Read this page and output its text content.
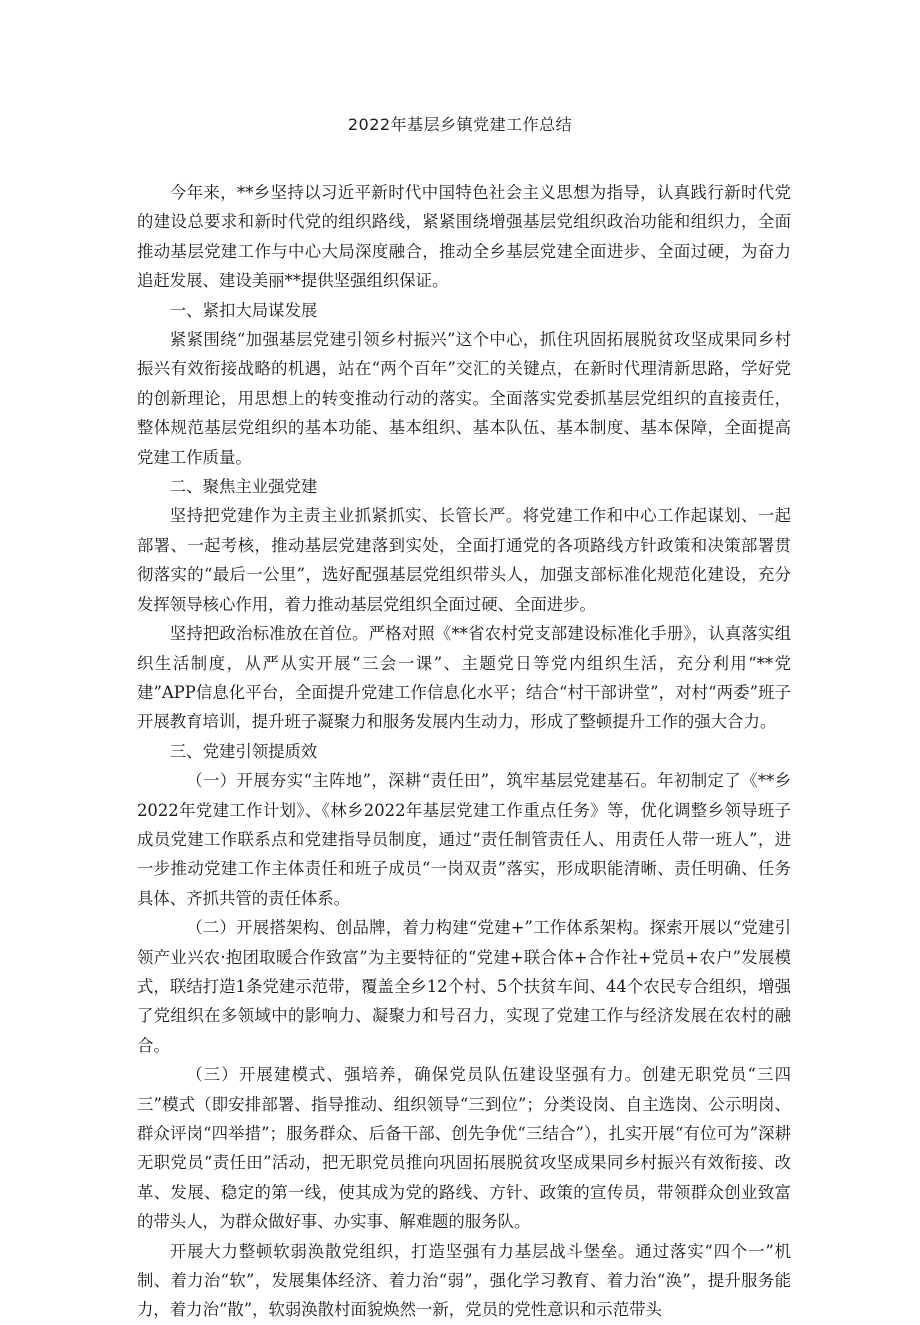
2022年基层乡镇党建工作总结

今年来，**乡坚持以习近平新时代中国特色社会主义思想为指导，认真践行新时代党的建设总要求和新时代党的组织路线，紧紧围绕增强基层党组织政治功能和组织力，全面推动基层党建工作与中心大局深度融合，推动全乡基层党建全面进步、全面过硬，为奋力追赶发展、建设美丽**提供坚强组织保证。

一、紧扣大局谋发展

紧紧围绕“加强基层党建引领乡村振兴”这个中心，抓住巩固拓展脱贫攻坚成果同乡村振兴有效衔接战略的机遇，站在“两个百年”交汇的关键点，在新时代理清新思路，学好党的创新理论，用思想上的转变推动行动的落实。全面落实党委抓基层党组织的直接责任，整体规范基层党组织的基本功能、基本组织、基本队伍、基本制度、基本保障，全面提高党建工作质量。

二、聚焦主业强党建

坚持把党建作为主责主业抓紧抓实、长管长严。将党建工作和中心工作起谋划、一起部署、一起考核，推动基层党建落到实处，全面打通党的各项路线方针政策和决策部署贯彻落实的“最后一公里”，选好配强基层党组织带头人，加强支部标准化规范化建设，充分发挥领导核心作用，着力推动基层党组织全面过硬、全面进步。

坚持把政治标准放在首位。严格对照《**省农村党支部建设标准化手册》，认真落实组织生活制度，从严从实开展“三会一课”、主题党日等党内组织生活，充分利用“**党建”APP信息化平台，全面提升党建工作信息化水平；结合“村干部讲堂”，对村“两委”班子开展教育培训，提升班子凝聚力和服务发展内生动力，形成了整顿提升工作的强大合力。

三、党建引领提质效

（一）开展夯实“主阵地”，深耕“责任田”，筑牢基层党建基石。年初制定了《**乡2022年党建工作计划》、《林乡2022年基层党建工作重点任务》等，优化调整乡领导班子成员党建工作联系点和党建指导员制度，通过“责任制管责任人、用责任人带一班人”，进一步推动党建工作主体责任和班子成员“一岗双责”落实，形成职能清晰、责任明确、任务具体、齐抓共管的责任体系。

（二）开展搭架构、创品牌，着力构建“党建+”工作体系架构。探索开展以“党建引领产业兴农·抱团取暖合作致富”为主要特征的“党建+联合体+合作社+党员+农户”发展模式，联结打造1条党建示范带，覆盖全乡12个村、5个扶贫车间、44个农民专合组织，增强了党组织在多领域中的影响力、凝聚力和号召力，实现了党建工作与经济发展在农村的融合。

（三）开展建模式、强培养，确保党员队伍建设坚强有力。创建无职党员“三四三”模式（即安排部署、指导推动、组织领导“三到位”；分类设岗、自主选岗、公示明岗、群众评岗“四举措”；服务群众、后备干部、创先争优“三结合”），扎实开展“有位可为”深耕无职党员“责任田”活动，把无职党员推向巩固拓展脱贫攻坚成果同乡村振兴有效衔接、改革、发展、稳定的第一线，使其成为党的路线、方针、政策的宣传员，带领群众创业致富的带头人，为群众做好事、办实事、解难题的服务队。

开展大力整顿软弱涣散党组织，打造坚强有力基层战斗堡垒。通过落实“四个一”机制、着力治“软”，发展集体经济、着力治“弱”，强化学习教育、着力治“涣”，提升服务能力，着力治“散”，软弱涣散村面貌焕然一新，党员的党性意识和示范带头
